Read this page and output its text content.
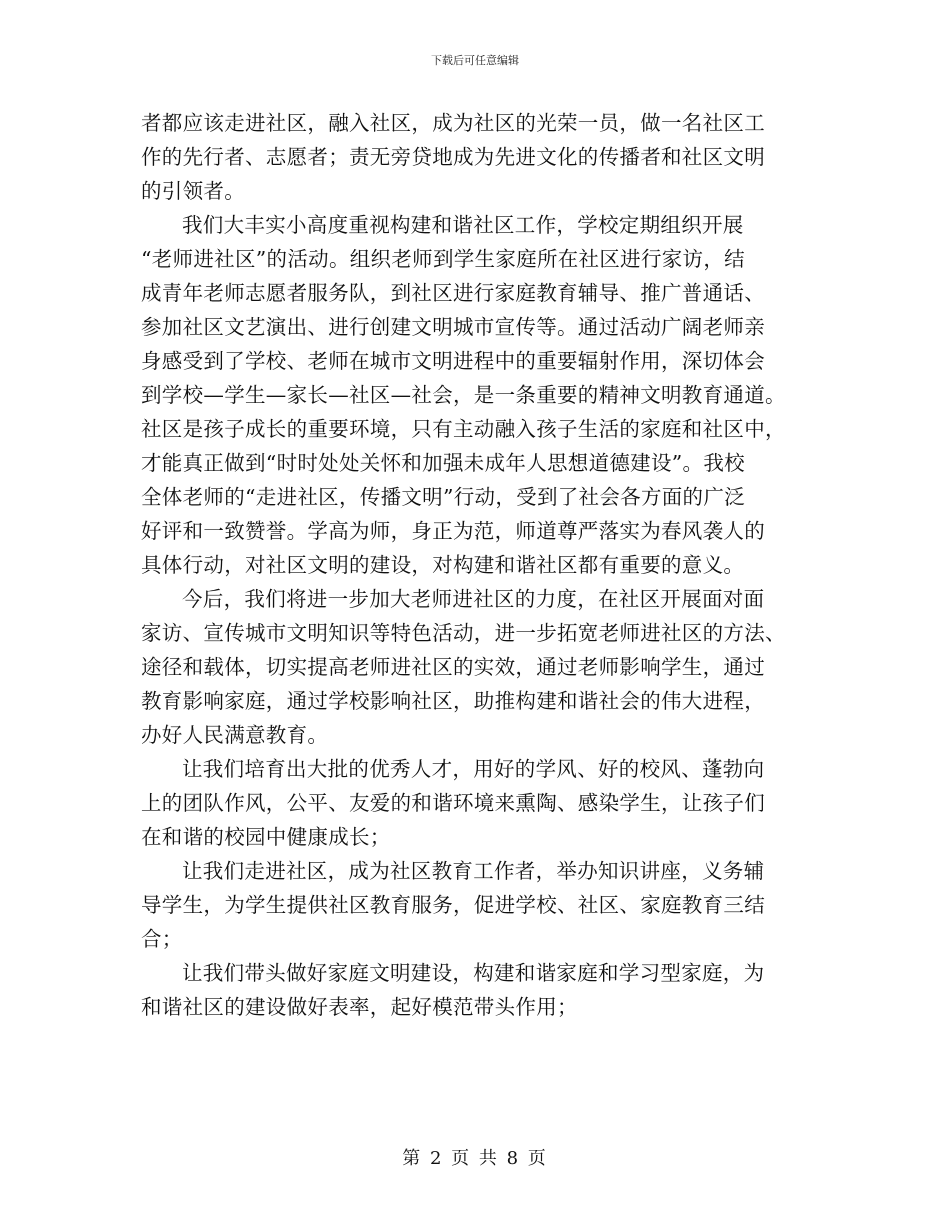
下载后可任意编辑
者都应该走进社区，融入社区，成为社区的光荣一员，做一名社区工
作的先行者、志愿者；责无旁贷地成为先进文化的传播者和社区文明
的引领者。
我们大丰实小高度重视构建和谐社区工作，学校定期组织开展
“老师进社区”的活动。组织老师到学生家庭所在社区进行家访，结
成青年老师志愿者服务队，到社区进行家庭教育辅导、推广普通话、
参加社区文艺演出、进行创建文明城市宣传等。通过活动广阔老师亲
身感受到了学校、老师在城市文明进程中的重要辐射作用，深切体会
到学校—学生—家长—社区—社会，是一条重要的精神文明教育通道。
社区是孩子成长的重要环境，只有主动融入孩子生活的家庭和社区中，
才能真正做到“时时处处关怀和加强未成年人思想道德建设”。我校
全体老师的“走进社区，传播文明”行动，受到了社会各方面的广泛
好评和一致赞誉。学高为师，身正为范，师道尊严落实为春风袭人的
具体行动，对社区文明的建设，对构建和谐社区都有重要的意义。
今后，我们将进一步加大老师进社区的力度，在社区开展面对面
家访、宣传城市文明知识等特色活动，进一步拓宽老师进社区的方法、
途径和载体，切实提高老师进社区的实效，通过老师影响学生，通过
教育影响家庭，通过学校影响社区，助推构建和谐社会的伟大进程，
办好人民满意教育。
让我们培育出大批的优秀人才，用好的学风、好的校风、蓬勃向
上的团队作风，公平、友爱的和谐环境来熏陶、感染学生，让孩子们
在和谐的校园中健康成长；
让我们走进社区，成为社区教育工作者，举办知识讲座，义务辅
导学生，为学生提供社区教育服务，促进学校、社区、家庭教育三结
合；
让我们带头做好家庭文明建设，构建和谐家庭和学习型家庭，为
和谐社区的建设做好表率，起好模范带头作用；
第 2 页 共 8 页
